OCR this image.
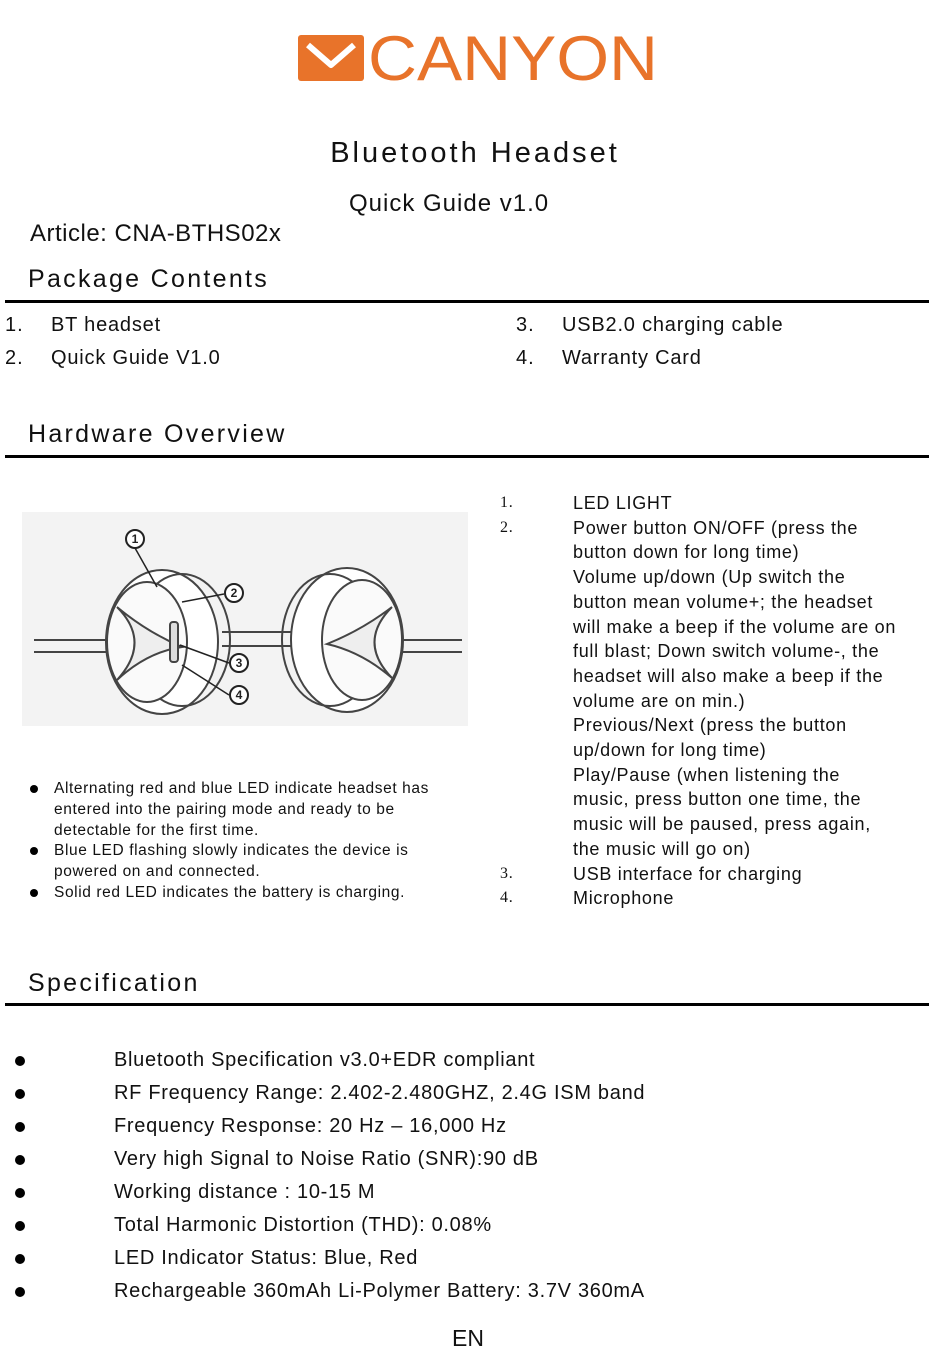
CANYON
Bluetooth Headset
Quick Guide v1.0
Article: CNA-BTHS02x
Package Contents
1. BT headset
2. Quick Guide V1.0
3. USB2.0 charging cable
4. Warranty Card
Hardware Overview
1
2
3
4
Alternating red and blue LED indicate headset has entered into the pairing mode and ready to be detectable for the first time.
Blue LED flashing slowly indicates the device is powered on and connected.
Solid red LED indicates the battery is charging.
1.	LED LIGHT
2.	Power button ON/OFF (press the
button down for long time)
Volume up/down (Up switch the
button mean volume+; the headset
will make a beep if the volume are on
full blast; Down switch volume-, the
headset will also make a beep if the
volume are on min.)
Previous/Next (press the button
up/down for long time)
Play/Pause (when listening the
music, press button one time, the
music will be paused, press again,
the music will go on)
3.	USB interface for charging
4.	Microphone
Specification
Bluetooth Specification v3.0+EDR compliant
RF Frequency Range: 2.402-2.480GHZ, 2.4G ISM band
Frequency Response: 20 Hz – 16,000 Hz
Very high Signal to Noise Ratio (SNR):90 dB
Working distance : 10-15 M
Total Harmonic Distortion (THD): 0.08%
LED Indicator Status: Blue, Red
Rechargeable 360mAh Li-Polymer Battery: 3.7V 360mA
EN
